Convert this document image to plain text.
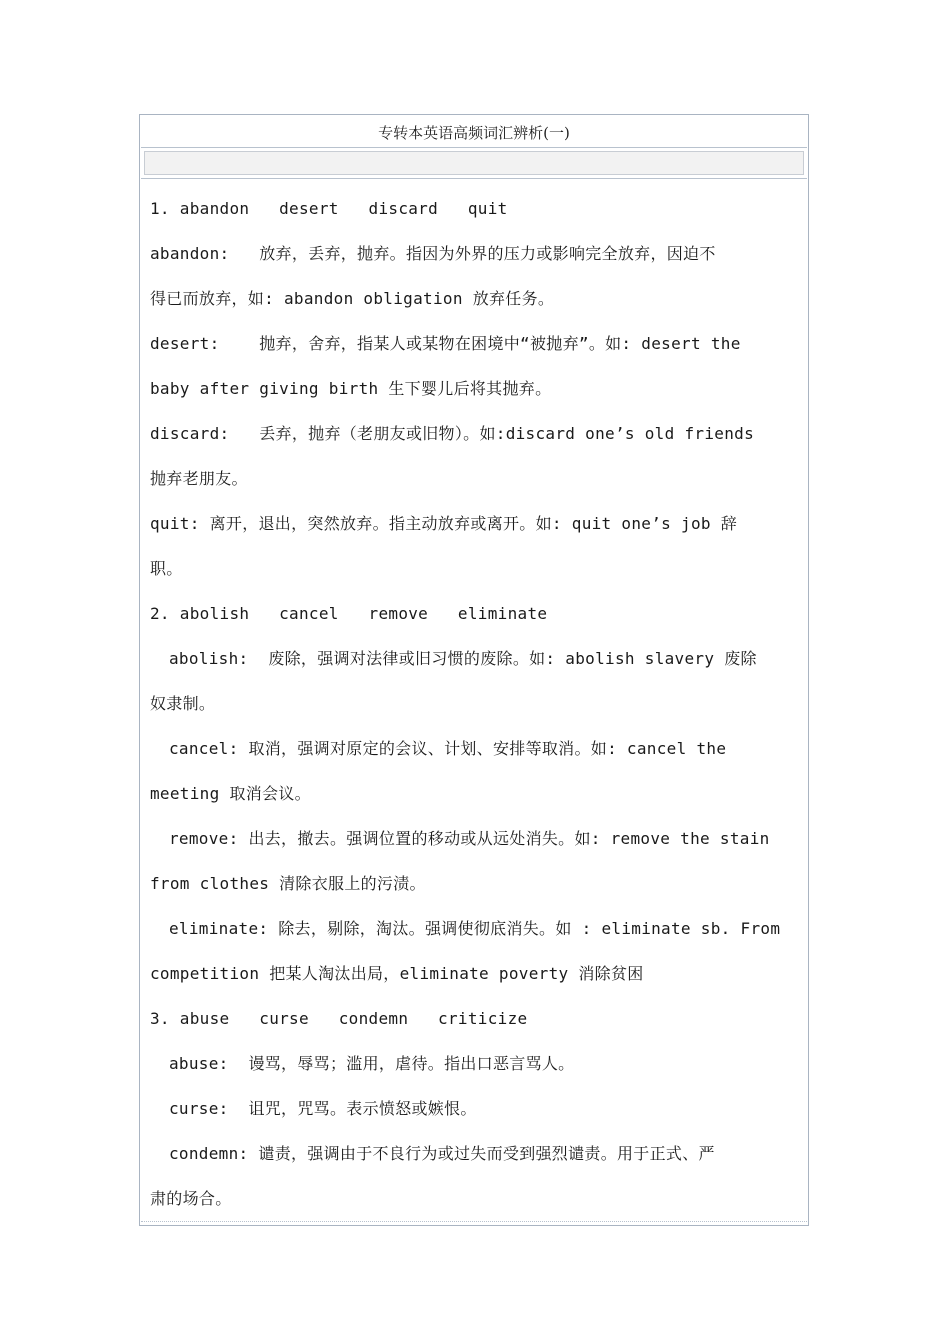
专转本英语高频词汇辨析(一)
1. abandon   desert   discard   quit
abandon:   放弃，丢弃，抛弃。指因为外界的压力或影响完全放弃，因迫不
得已而放弃，如: abandon obligation 放弃任务。
desert:    抛弃，舍弃，指某人或某物在困境中“被抛弃”。如: desert the
baby after giving birth 生下婴儿后将其抛弃。
discard:   丢弃，抛弃（老朋友或旧物）。如:discard one’s old friends
抛弃老朋友。
quit: 离开，退出，突然放弃。指主动放弃或离开。如: quit one’s job 辞
职。
2. abolish   cancel   remove   eliminate
abolish:  废除，强调对法律或旧习惯的废除。如: abolish slavery 废除
奴隶制。
cancel: 取消，强调对原定的会议、计划、安排等取消。如: cancel the
meeting 取消会议。
remove: 出去，撤去。强调位置的移动或从远处消失。如: remove the stain
from clothes 清除衣服上的污渍。
eliminate: 除去，剔除，淘汰。强调使彻底消失。如 : eliminate sb. From
competition 把某人淘汰出局，eliminate poverty 消除贫困
3. abuse   curse   condemn   criticize
abuse:  谩骂，辱骂；滥用，虐待。指出口恶言骂人。
curse:  诅咒，咒骂。表示愤怒或嫉恨。
condemn: 谴责，强调由于不良行为或过失而受到强烈谴责。用于正式、严
肃的场合。
